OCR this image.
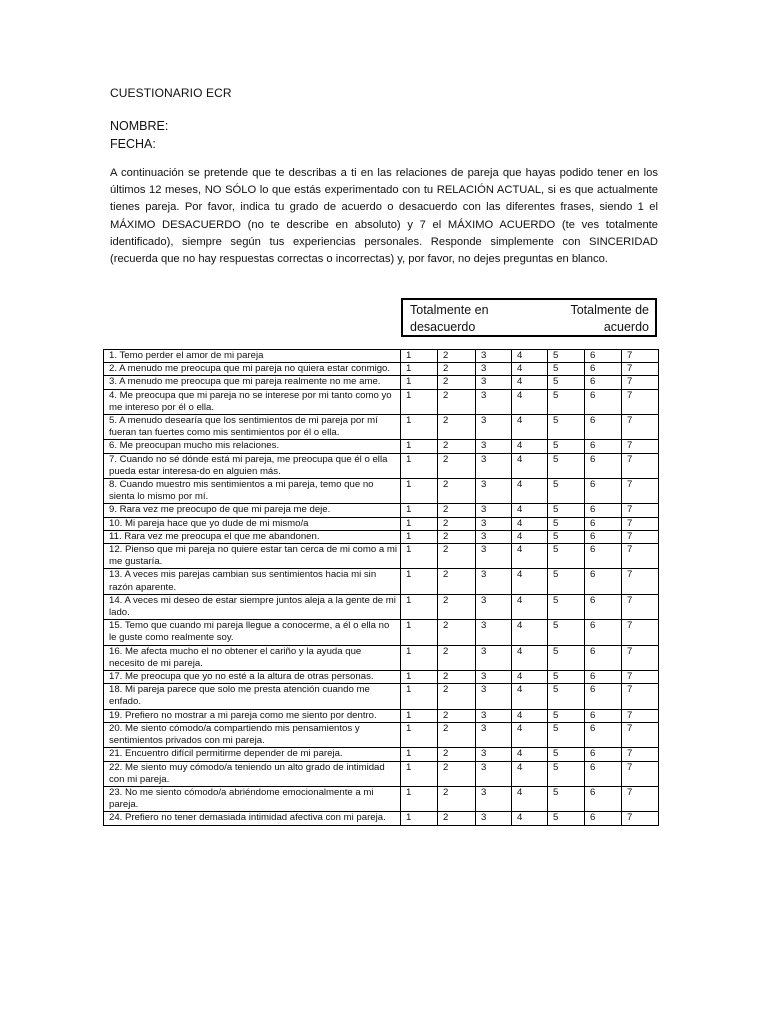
CUESTIONARIO ECR
NOMBRE:
FECHA:
A continuación se pretende que te describas a ti en las relaciones de pareja que hayas podido tener en los últimos 12 meses, NO SÓLO lo que estás experimentado con tu RELACIÓN ACTUAL, si es que actualmente tienes pareja. Por favor, indica tu grado de acuerdo o desacuerdo con las diferentes frases, siendo 1 el MÁXIMO DESACUERDO (no te describe en absoluto) y 7 el MÁXIMO ACUERDO (te ves totalmente identificado), siempre según tus experiencias personales. Responde simplemente con SINCERIDAD (recuerda que no hay respuestas correctas o incorrectas) y, por favor, no dejes preguntas en blanco.
Totalmente en
desacuerdo
Totalmente de
acuerdo
1. Temo perder el amor de mi pareja	1	2	3	4	5	6	7
2. A menudo me preocupa que mi pareja no quiera estar conmigo.	1	2	3	4	5	6	7
3. A menudo me preocupa que mi pareja realmente no me ame.	1	2	3	4	5	6	7
4. Me preocupa que mi pareja no se interese por mi tanto como yo me intereso por él o ella.	1	2	3	4	5	6	7
5. A menudo desearía que los sentimientos de mi pareja por mí fueran tan fuertes como mis sentimientos por él o ella.	1	2	3	4	5	6	7
6. Me preocupan mucho mis relaciones.	1	2	3	4	5	6	7
7. Cuando no sé dónde está mi pareja, me preocupa que él o ella pueda estar interesa-do en alguien más.	1	2	3	4	5	6	7
8. Cuando muestro mis sentimientos a mi pareja, temo que no sienta lo mismo por mí.	1	2	3	4	5	6	7
9. Rara vez me preocupo de que mi pareja me deje.	1	2	3	4	5	6	7
10. Mi pareja hace que yo dude de mi mismo/a	1	2	3	4	5	6	7
11. Rara vez me preocupa el que me abandonen.	1	2	3	4	5	6	7
12. Pienso que mi pareja no quiere estar tan cerca de mi como a mi me gustaría.	1	2	3	4	5	6	7
13. A veces mis parejas cambian sus sentimientos hacia mi sin razón aparente.	1	2	3	4	5	6	7
14. A veces mi deseo de estar siempre juntos aleja a la gente de mi lado.	1	2	3	4	5	6	7
15. Temo que cuando mi pareja llegue a conocerme, a él o ella no le guste como realmente soy.	1	2	3	4	5	6	7
16. Me afecta mucho el no obtener el cariño y la ayuda que necesito de mi pareja.	1	2	3	4	5	6	7
17. Me preocupa que yo no esté a la altura de otras personas.	1	2	3	4	5	6	7
18. Mi pareja parece que solo me presta atención cuando me enfado.	1	2	3	4	5	6	7
19. Prefiero no mostrar a mi pareja como me siento por dentro.	1	2	3	4	5	6	7
20. Me siento cómodo/a compartiendo mis pensamientos y sentimientos privados con mi pareja.	1	2	3	4	5	6	7
21. Encuentro difícil permitirme depender de mi pareja.	1	2	3	4	5	6	7
22. Me siento muy cómodo/a teniendo un alto grado de intimidad con mi pareja.	1	2	3	4	5	6	7
23. No me siento cómodo/a abriéndome emocionalmente a mi pareja.	1	2	3	4	5	6	7
24. Prefiero no tener demasiada intimidad afectiva con mi pareja.	1	2	3	4	5	6	7
